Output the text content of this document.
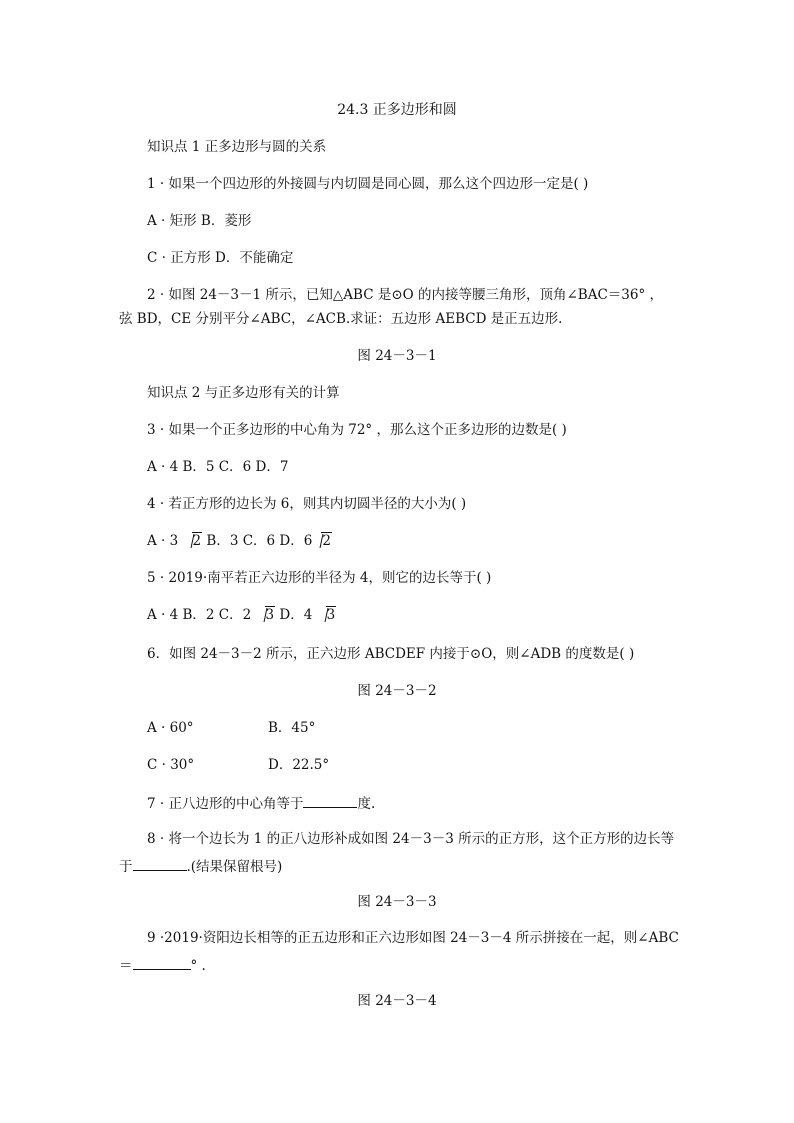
24.3 正多边形和圆
知识点 1 正多边形与圆的关系
1 · 如果一个四边形的外接圆与内切圆是同心圆，那么这个四边形一定是( )
A · 矩形 B．菱形
C · 正方形 D．不能确定
2 · 如图 24－3－1 所示，已知△ABC 是⊙O 的内接等腰三角形，顶角∠BAC＝36° ，
弦 BD，CE 分别平分∠ABC，∠ACB.求证：五边形 AEBCD 是正五边形.
图 24－3－1
知识点 2 与正多边形有关的计算
3 · 如果一个正多边形的中心角为 72° ，那么这个正多边形的边数是( )
A · 4 B．5 C．6 D．7
4 · 若正方形的边长为 6，则其内切圆半径的大小为( )
A · 3 2 B．3 C．6 D．6 2
5 · 2019·南平若正六边形的半径为 4，则它的边长等于( )
A · 4 B．2 C．2 3 D．4 3
6．如图 24－3－2 所示，正六边形 ABCDEF 内接于⊙O，则∠ADB 的度数是( )
图 24－3－2
A · 60°	B．45°
C · 30°	D．22.5°
7 · 正八边形的中心角等于	度.
8 · 将一个边长为 1 的正八边形补成如图 24－3－3 所示的正方形，这个正方形的边长等
于	.(结果保留根号)
图 24－3－3
9 ·2019·资阳边长相等的正五边形和正六边形如图 24－3－4 所示拼接在一起，则∠ABC
＝	° .
图 24－3－4
